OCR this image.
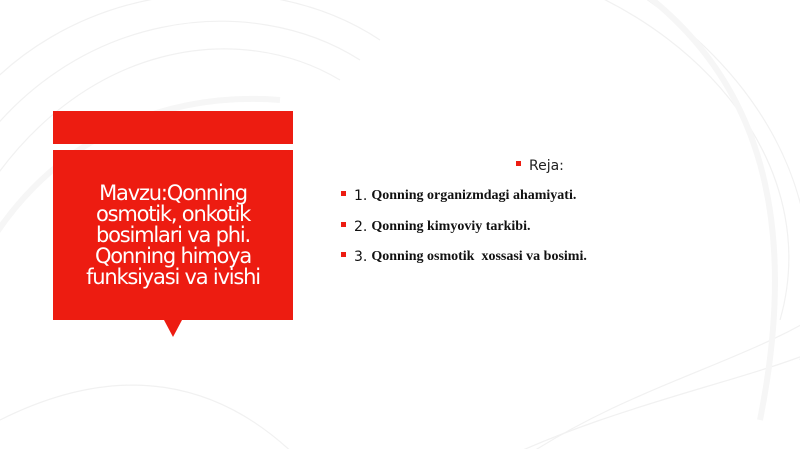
Mavzu:Qonning osmotik, onkotik bosimlari va phi. Qonning himoya funksiyasi va ivishi
Reja:
1. Qonning organizmdagi ahamiyati.
2. Qonning kimyoviy tarkibi.
3. Qonning osmotik  xossasi va bosimi.
